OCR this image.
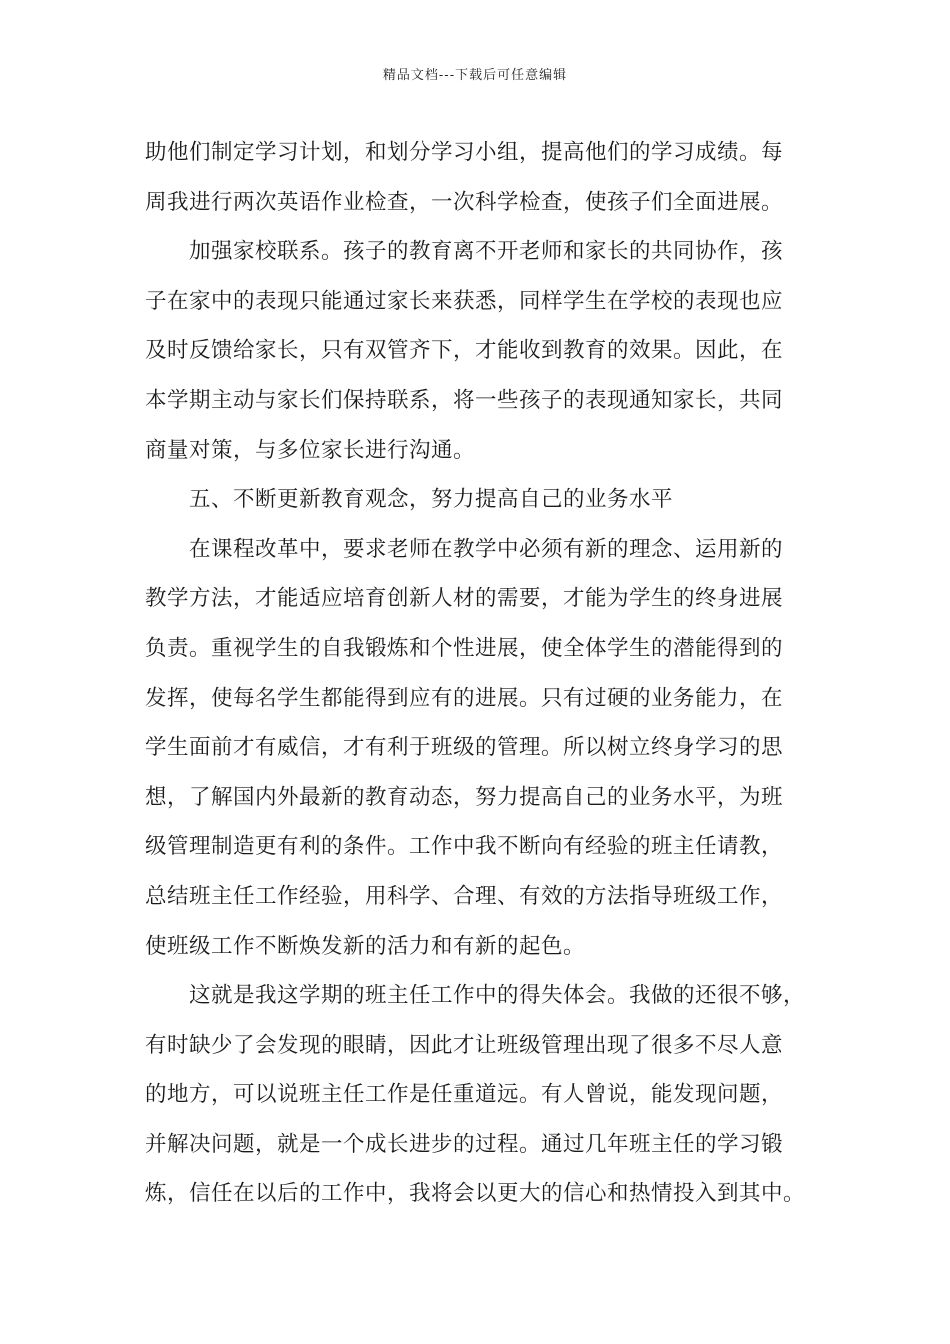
精品文档---下载后可任意编辑
助他们制定学习计划，和划分学习小组，提高他们的学习成绩。每
周我进行两次英语作业检查，一次科学检查，使孩子们全面进展。
加强家校联系。孩子的教育离不开老师和家长的共同协作，孩
子在家中的表现只能通过家长来获悉，同样学生在学校的表现也应
及时反馈给家长，只有双管齐下，才能收到教育的效果。因此，在
本学期主动与家长们保持联系，将一些孩子的表现通知家长，共同
商量对策，与多位家长进行沟通。
五、不断更新教育观念，努力提高自己的业务水平
在课程改革中，要求老师在教学中必须有新的理念、运用新的
教学方法，才能适应培育创新人材的需要，才能为学生的终身进展
负责。重视学生的自我锻炼和个性进展，使全体学生的潜能得到的
发挥，使每名学生都能得到应有的进展。只有过硬的业务能力，在
学生面前才有威信，才有利于班级的管理。所以树立终身学习的思
想，了解国内外最新的教育动态，努力提高自己的业务水平，为班
级管理制造更有利的条件。工作中我不断向有经验的班主任请教，
总结班主任工作经验，用科学、合理、有效的方法指导班级工作，
使班级工作不断焕发新的活力和有新的起色。
这就是我这学期的班主任工作中的得失体会。我做的还很不够，
有时缺少了会发现的眼睛，因此才让班级管理出现了很多不尽人意
的地方，可以说班主任工作是任重道远。有人曾说，能发现问题，
并解决问题，就是一个成长进步的过程。通过几年班主任的学习锻
炼，信任在以后的工作中，我将会以更大的信心和热情投入到其中。
